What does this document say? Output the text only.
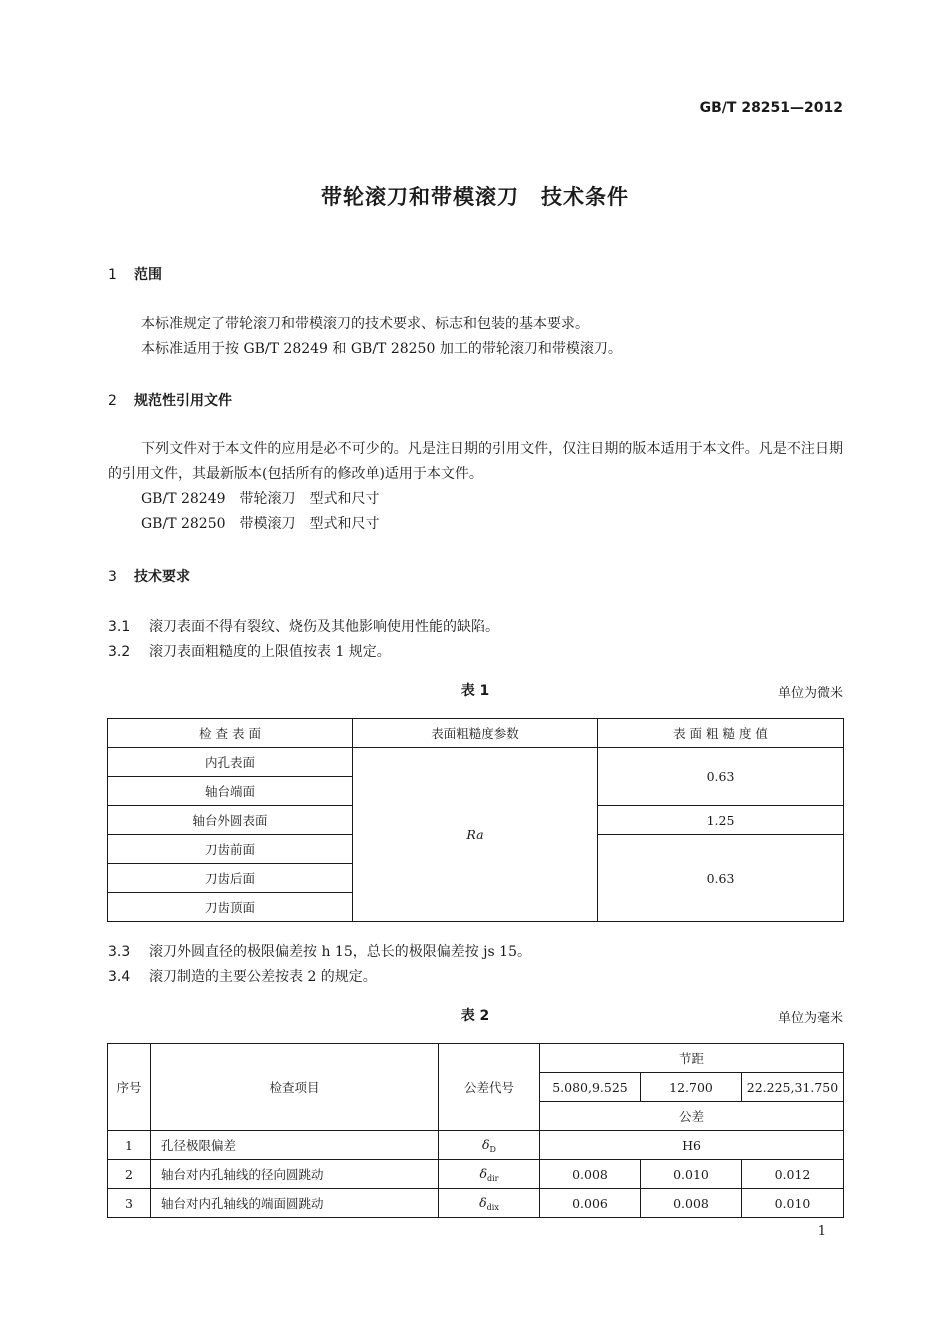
GB/T 28251—2012
带轮滚刀和带模滚刀　技术条件
1 范围
本标准规定了带轮滚刀和带模滚刀的技术要求、标志和包装的基本要求。
本标准适用于按 GB/T 28249 和 GB/T 28250 加工的带轮滚刀和带模滚刀。
2 规范性引用文件
下列文件对于本文件的应用是必不可少的。凡是注日期的引用文件，仅注日期的版本适用于本文件。凡是不注日期的引用文件，其最新版本(包括所有的修改单)适用于本文件。
GB/T 28249　带轮滚刀　型式和尺寸
GB/T 28250　带模滚刀　型式和尺寸
3 技术要求
3.1 滚刀表面不得有裂纹、烧伤及其他影响使用性能的缺陷。
3.2 滚刀表面粗糙度的上限值按表 1 规定。
表 1	单位为微米
检 查 表 面	表面粗糙度参数	表 面 粗 糙 度 值
内孔表面	Ra	0.63
轴台端面		
轴台外圆表面		1.25
刀齿前面		0.63
刀齿后面		
刀齿顶面		
3.3 滚刀外圆直径的极限偏差按 h 15，总长的极限偏差按 js 15。
3.4 滚刀制造的主要公差按表 2 的规定。
表 2	单位为毫米
序号	检查项目	公差代号	节距		
			5.080,9.525	12.700	22.225,31.750
			公差		
1	孔径极限偏差	$\delta_D$	H6		
2	轴台对内孔轴线的径向圆跳动	$\delta_{dir}$	0.008	0.010	0.012
3	轴台对内孔轴线的端面圆跳动	$\delta_{dix}$	0.006	0.008	0.010
1
